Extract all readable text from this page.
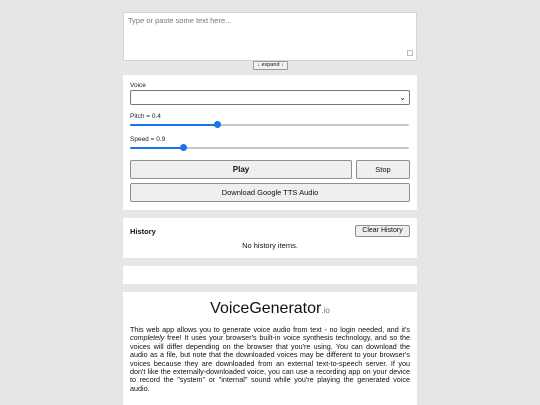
Type or paste some text here...
↓ expand ↓
Voice
⌄
Pitch = 0.4
Speed = 0.9
Play	Stop
Download Google TTS Audio
History	Clear History
No history items.
VoiceGenerator.io

This web app allows you to generate voice audio from text - no login needed, and it's completely free! It uses your browser's built-in voice synthesis technology, and so the voices will differ depending on the browser that you're using. You can download the audio as a file, but note that the downloaded voices may be different to your browser's voices because they are downloaded from an external text-to-speech server. If you don't like the externally-downloaded voice, you can use a recording app on your device to record the "system" or "internal" sound while you're playing the generated voice audio.
